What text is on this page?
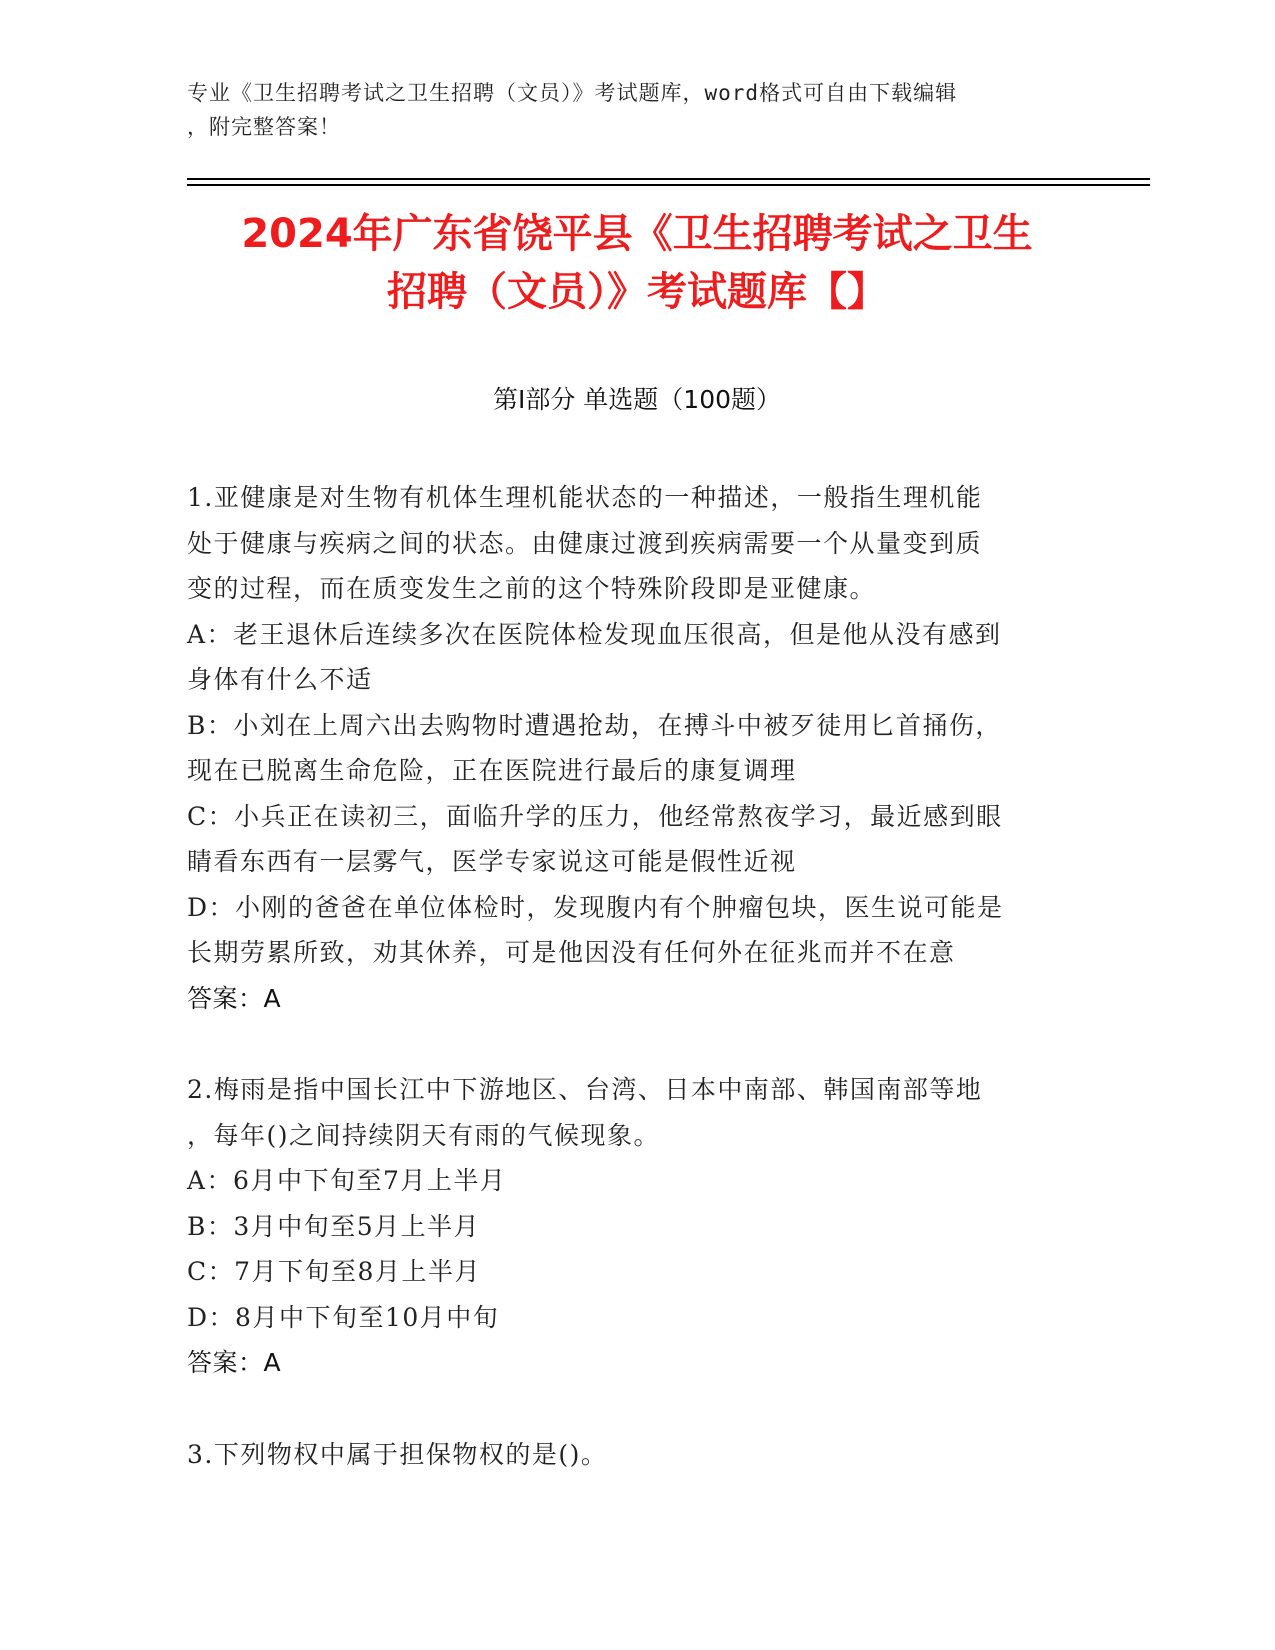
专业《卫生招聘考试之卫生招聘（文员）》考试题库，word格式可自由下载编辑
，附完整答案！
2024年广东省饶平县《卫生招聘考试之卫生
招聘（文员）》考试题库【】
第Ⅰ部分 单选题（100题）

1.亚健康是对生物有机体生理机能状态的一种描述，一般指生理机能

处于健康与疾病之间的状态。由健康过渡到疾病需要一个从量变到质

变的过程，而在质变发生之前的这个特殊阶段即是亚健康。

A：老王退休后连续多次在医院体检发现血压很高，但是他从没有感到

身体有什么不适

B：小刘在上周六出去购物时遭遇抢劫，在搏斗中被歹徒用匕首捅伤，

现在已脱离生命危险，正在医院进行最后的康复调理

C：小兵正在读初三，面临升学的压力，他经常熬夜学习，最近感到眼

睛看东西有一层雾气，医学专家说这可能是假性近视

D：小刚的爸爸在单位体检时，发现腹内有个肿瘤包块，医生说可能是

长期劳累所致，劝其休养，可是他因没有任何外在征兆而并不在意

答案：A

2.梅雨是指中国长江中下游地区、台湾、日本中南部、韩国南部等地

，每年()之间持续阴天有雨的气候现象。

A：6月中下旬至7月上半月

B：3月中旬至5月上半月

C：7月下旬至8月上半月

D：8月中下旬至10月中旬

答案：A

3.下列物权中属于担保物权的是()。
